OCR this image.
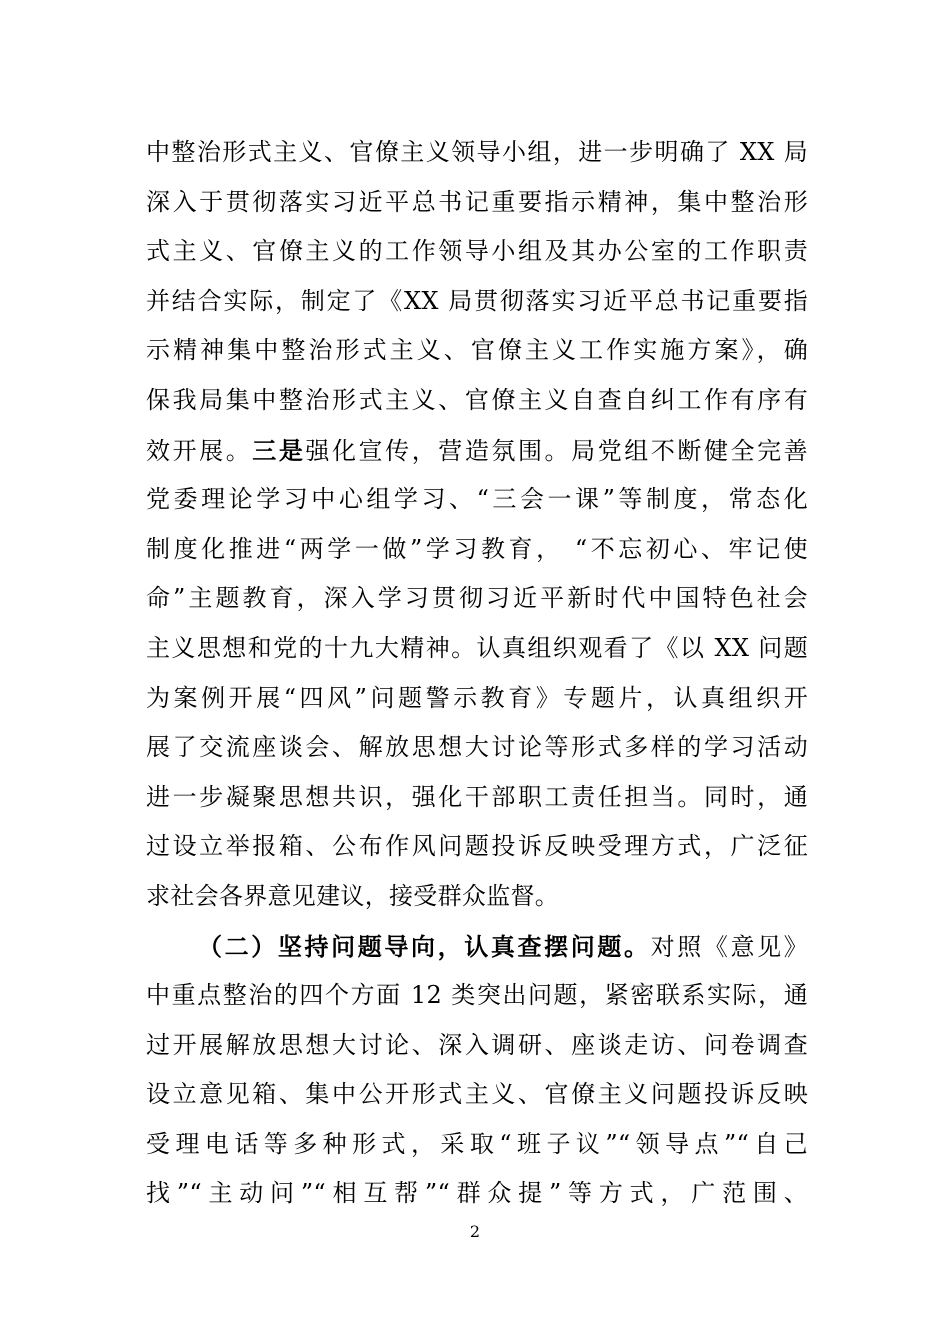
中整治形式主义、官僚主义领导小组，进一步明确了 XX 局
深入于贯彻落实习近平总书记重要指示精神，集中整治形
式主义、官僚主义的工作领导小组及其办公室的工作职责
并结合实际，制定了《XX 局贯彻落实习近平总书记重要指
示精神集中整治形式主义、官僚主义工作实施方案》，确
保我局集中整治形式主义、官僚主义自查自纠工作有序有
效开展。三是强化宣传，营造氛围。局党组不断健全完善
党委理论学习中心组学习、“三会一课”等制度，常态化
制度化推进“两学一做”学习教育， “不忘初心、牢记使
命”主题教育，深入学习贯彻习近平新时代中国特色社会
主义思想和党的十九大精神。认真组织观看了《以 XX 问题
为案例开展“四风”问题警示教育》专题片，认真组织开
展了交流座谈会、解放思想大讨论等形式多样的学习活动
进一步凝聚思想共识，强化干部职工责任担当。同时，通
过设立举报箱、公布作风问题投诉反映受理方式，广泛征
求社会各界意见建议，接受群众监督。
（二）坚持问题导向，认真查摆问题。对照《意见》
中重点整治的四个方面 12 类突出问题，紧密联系实际，通
过开展解放思想大讨论、深入调研、座谈走访、问卷调查
设立意见箱、集中公开形式主义、官僚主义问题投诉反映
受理电话等多种形式，采取“班子议”“领导点”“自己
找”“主动问”“相互帮”“群众提”等方式，广范围、
2
